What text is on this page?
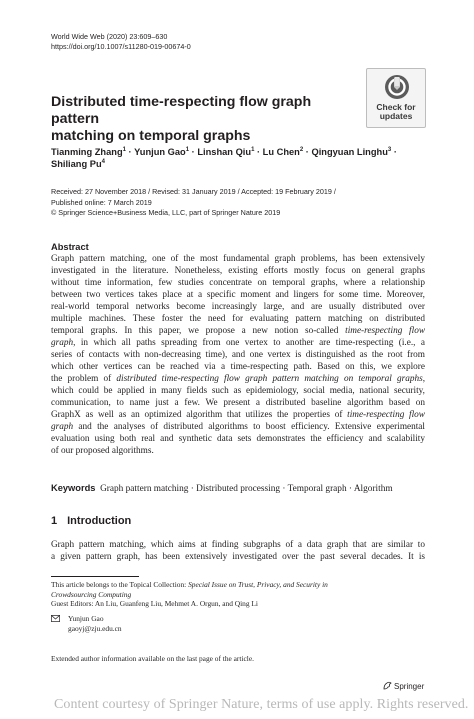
World Wide Web (2020) 23:609–630
https://doi.org/10.1007/s11280-019-00674-0
Check for
updates
Distributed time-respecting flow graph pattern
matching on temporal graphs
Tianming Zhang$^1$ · Yunjun Gao$^1$ · Linshan Qiu$^1$ · Lu Chen$^2$ · Qingyuan Linghu$^3$ ·
Shiliang Pu$^4$
Received: 27 November 2018 / Revised: 31 January 2019 / Accepted: 19 February 2019 /
Published online: 7 March 2019
© Springer Science+Business Media, LLC, part of Springer Nature 2019
Abstract
Graph pattern matching, one of the most fundamental graph problems, has been extensively
investigated in the literature. Nonetheless, existing efforts mostly focus on general graphs
without time information, few studies concentrate on temporal graphs, where a relationship
between two vertices takes place at a specific moment and lingers for some time. Moreover,
real-world temporal networks become increasingly large, and are usually distributed over
multiple machines. These foster the need for evaluating pattern matching on distributed
temporal graphs. In this paper, we propose a new notion so-called time-respecting flow
graph, in which all paths spreading from one vertex to another are time-respecting (i.e., a
series of contacts with non-decreasing time), and one vertex is distinguished as the root from
which other vertices can be reached via a time-respecting path. Based on this, we explore
the problem of distributed time-respecting flow graph pattern matching on temporal graphs,
which could be applied in many fields such as epidemiology, social media, national security,
communication, to name just a few. We present a distributed baseline algorithm based on
GraphX as well as an optimized algorithm that utilizes the properties of time-respecting flow
graph and the analyses of distributed algorithms to boost efficiency. Extensive experimental
evaluation using both real and synthetic data sets demonstrates the efficiency and scalability
of our proposed algorithms.
Keywords Graph pattern matching · Distributed processing · Temporal graph · Algorithm
1 Introduction
Graph pattern matching, which aims at finding subgraphs of a data graph that are similar to
a given pattern graph, has been extensively investigated over the past several decades. It is
This article belongs to the Topical Collection: Special Issue on Trust, Privacy, and Security in
Crowdsourcing Computing
Guest Editors: An Liu, Guanfeng Liu, Mehmet A. Orgun, and Qing Li
Yunjun Gao
gaoyj@zju.edu.cn
Extended author information available on the last page of the article.
Springer
Content courtesy of Springer Nature, terms of use apply. Rights reserved.
